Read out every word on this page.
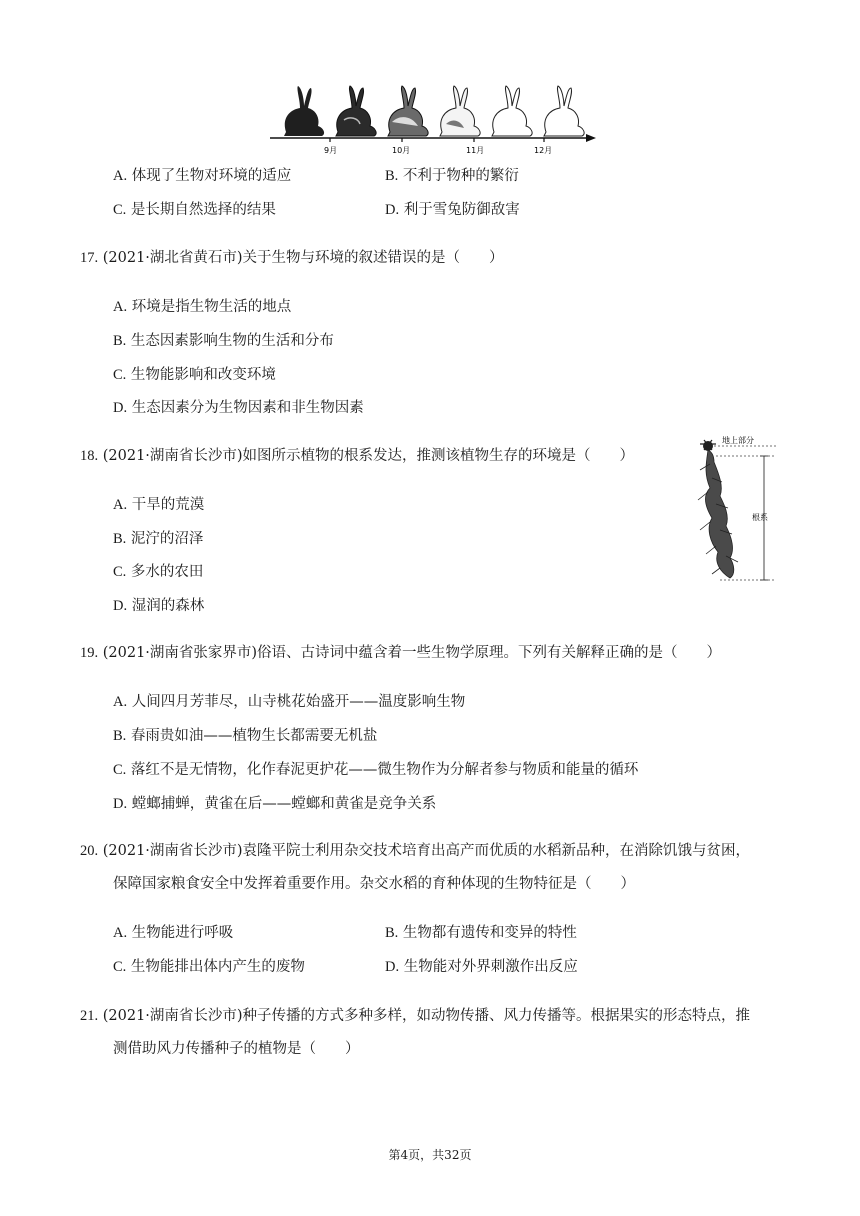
9月	10月	11月	12月
A. 体现了生物对环境的适应	B. 不利于物种的繁衍
C. 是长期自然选择的结果	D. 利于雪兔防御敌害
17. (2021·湖北省黄石市)关于生物与环境的叙述错误的是（　　）
A. 环境是指生物生活的地点
B. 生态因素影响生物的生活和分布
C. 生物能影响和改变环境
D. 生态因素分为生物因素和非生物因素
18. (2021·湖南省长沙市)如图所示植物的根系发达，推测该植物生存的环境是（　　）
A. 干旱的荒漠
B. 泥泞的沼泽
C. 多水的农田
D. 湿润的森林
地上部分
根系
19. (2021·湖南省张家界市)俗语、古诗词中蕴含着一些生物学原理。下列有关解释正确的是（　　）
A. 人间四月芳菲尽，山寺桃花始盛开——温度影响生物
B. 春雨贵如油——植物生长都需要无机盐
C. 落红不是无情物，化作春泥更护花——微生物作为分解者参与物质和能量的循环
D. 螳螂捕蝉，黄雀在后——螳螂和黄雀是竞争关系
20. (2021·湖南省长沙市)袁隆平院士利用杂交技术培育出高产而优质的水稻新品种，在消除饥饿与贫困，
保障国家粮食安全中发挥着重要作用。杂交水稻的育种体现的生物特征是（　　）
A. 生物能进行呼吸	B. 生物都有遗传和变异的特性
C. 生物能排出体内产生的废物	D. 生物能对外界刺激作出反应
21. (2021·湖南省长沙市)种子传播的方式多种多样，如动物传播、风力传播等。根据果实的形态特点，推
测借助风力传播种子的植物是（　　）
第4页，共32页
